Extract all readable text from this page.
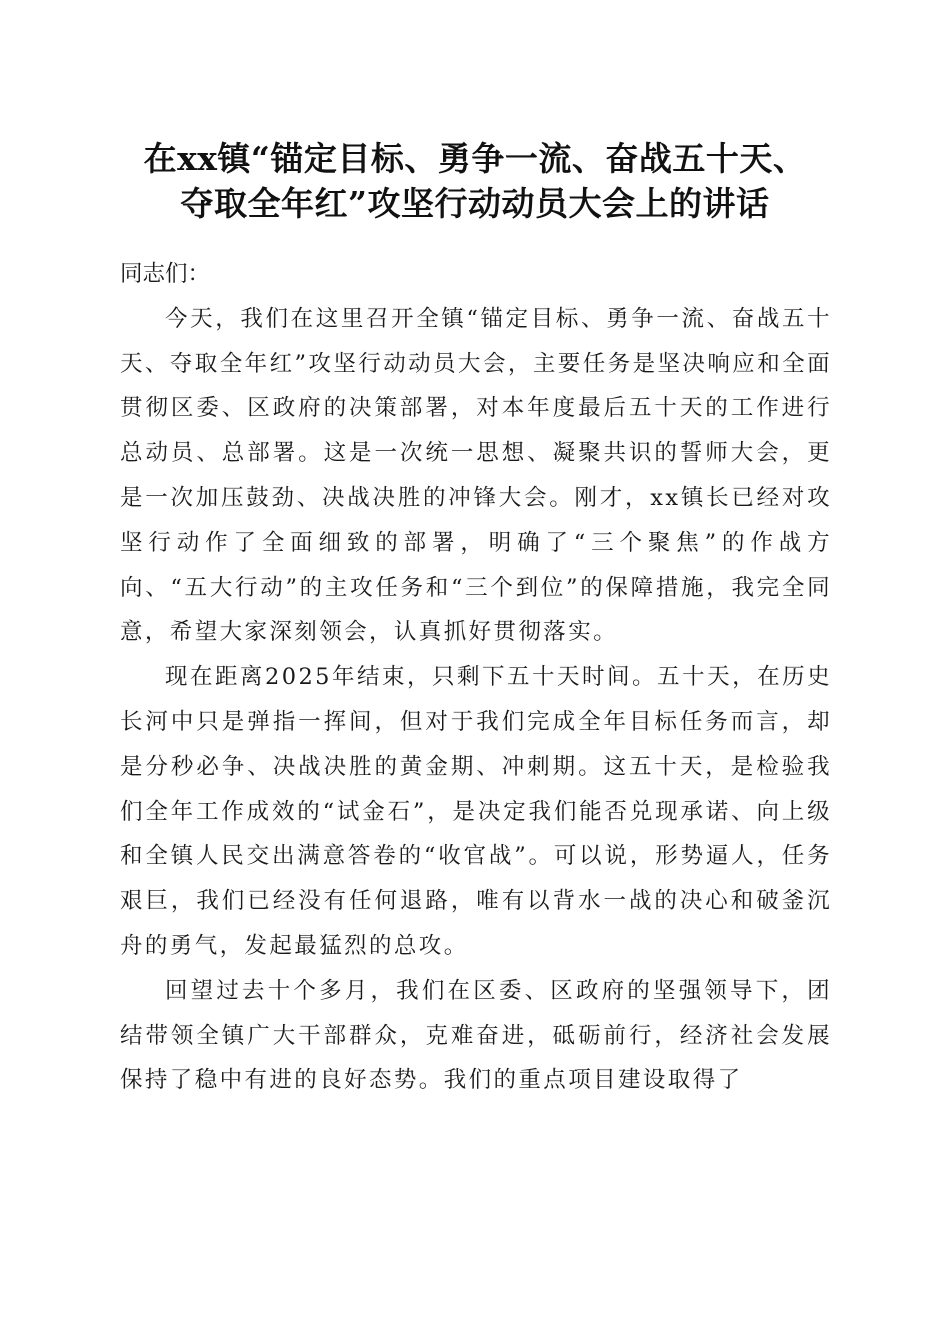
在xx镇“锚定目标、勇争一流、奋战五十天、
夺取全年红”攻坚行动动员大会上的讲话

同志们：

今天，我们在这里召开全镇“锚定目标、勇争一流、奋战五十天、夺取全年红”攻坚行动动员大会，主要任务是坚决响应和全面贯彻区委、区政府的决策部署，对本年度最后五十天的工作进行总动员、总部署。这是一次统一思想、凝聚共识的誓师大会，更是一次加压鼓劲、决战决胜的冲锋大会。刚才，xx镇长已经对攻坚行动作了全面细致的部署，明确了“三个聚焦”的作战方向、“五大行动”的主攻任务和“三个到位”的保障措施，我完全同意，希望大家深刻领会，认真抓好贯彻落实。

现在距离2025年结束，只剩下五十天时间。五十天，在历史长河中只是弹指一挥间，但对于我们完成全年目标任务而言，却是分秒必争、决战决胜的黄金期、冲刺期。这五十天，是检验我们全年工作成效的“试金石”，是决定我们能否兑现承诺、向上级和全镇人民交出满意答卷的“收官战”。可以说，形势逼人，任务艰巨，我们已经没有任何退路，唯有以背水一战的决心和破釜沉舟的勇气，发起最猛烈的总攻。

回望过去十个多月，我们在区委、区政府的坚强领导下，团结带领全镇广大干部群众，克难奋进，砥砺前行，经济社会发展保持了稳中有进的良好态势。我们的重点项目建设取得了
